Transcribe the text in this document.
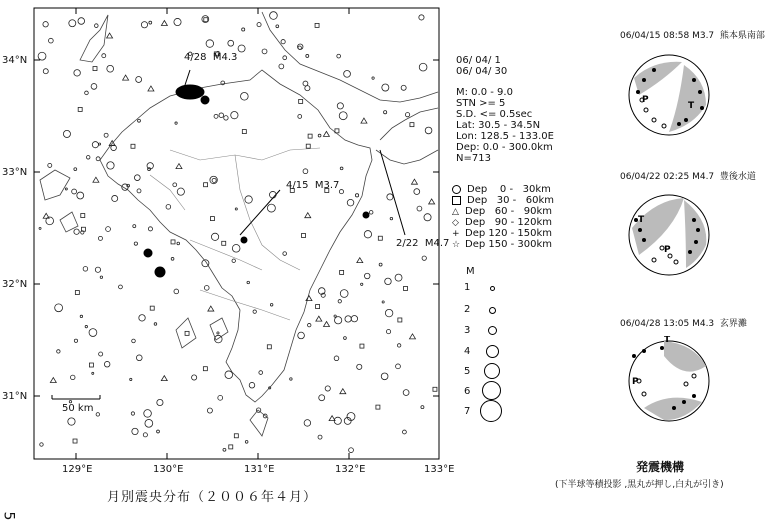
34°N
33°N
32°N
31°N
129°E	130°E	131°E	132°E	133°E
50 km
4/28 M4.3
4/15 M3.7
2/22 M4.7
06/ 04/ 1
06/ 04/ 30
M: 0.0 - 9.0
STN >= 5
S.D. <= 0.5sec
Lat: 30.5 - 34.5N
Lon: 128.5 - 133.0E
Dep: 0.0 - 300.0km
N=713
Dep    0 -   30km
Dep   30 -   60km
△ Dep   60 -   90km
◇ Dep   90 - 120km
+ Dep 120 - 150km
☆ Dep 150 - 300km
M
1
2
3
4
5
6
7
06/04/15 08:58 M3.7 熊本県南部
P
T
06/04/22 02:25 M4.7 豊後水道
T
P
06/04/28 13:05 M4.3 玄界灘
P
T
月別震央分布（２００６年４月）
発震機構
(下半球等積投影 ,黒丸が押し,白丸が引き)
5
